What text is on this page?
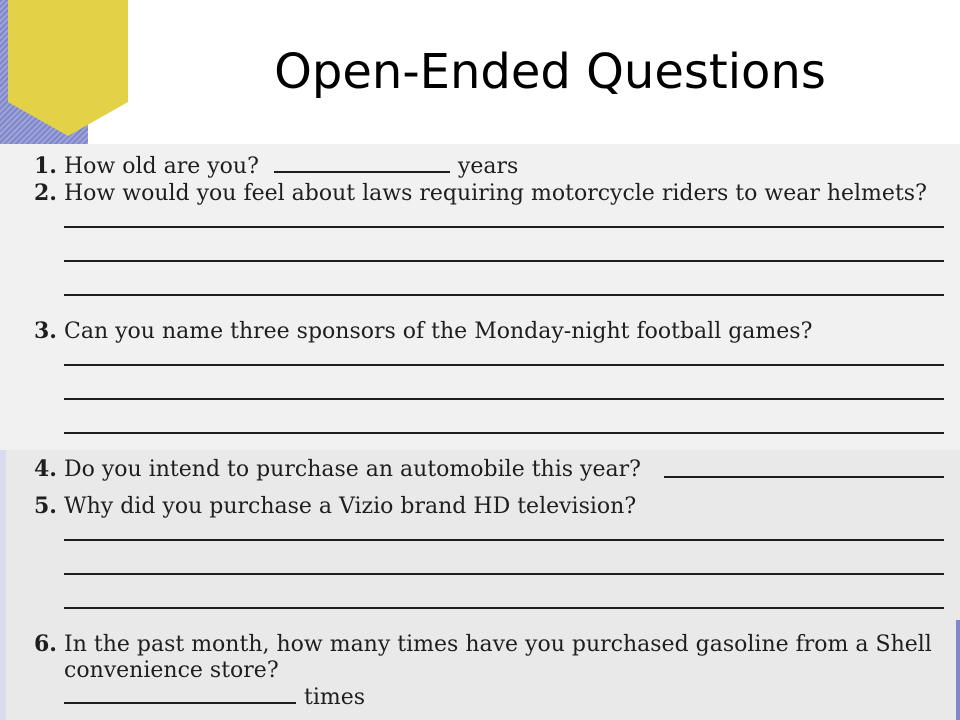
Open-Ended Questions
1. How old are you?	years
2. How would you feel about laws requiring motorcycle riders to wear helmets?
3. Can you name three sponsors of the Monday-night football games?
4. Do you intend to purchase an automobile this year?
5. Why did you purchase a Vizio brand HD television?
6. In the past month, how many times have you purchased gasoline from a Shell
convenience store?
times
